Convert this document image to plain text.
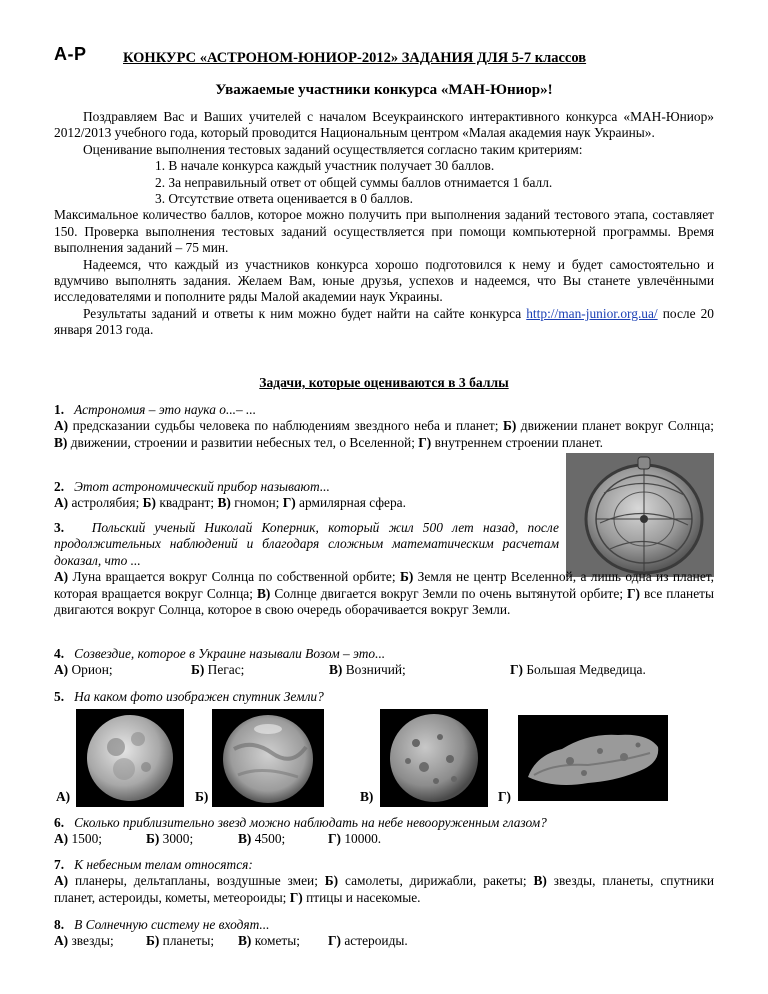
А-Р	КОНКУРС «АСТРОНОМ-ЮНИОР-2012» ЗАДАНИЯ ДЛЯ 5-7 классов
Уважаемые участники конкурса «МАН-Юниор»!
Поздравляем Вас и Ваших учителей с началом Всеукраинского интерактивного конкурса «МАН-Юниор» 2012/2013 учебного года, который проводится Национальным центром «Малая академия наук Украины».
Оценивание выполнения тестовых заданий осуществляется согласно таким критериям:
1. В начале конкурса каждый участник получает 30 баллов.
2. За неправильный ответ от общей суммы баллов отнимается 1 балл.
3. Отсутствие ответа оценивается в 0 баллов.
Максимальное количество баллов, которое можно получить при выполнения заданий тестового этапа, составляет 150. Проверка выполнения тестовых заданий осуществляется при помощи компьютерной программы. Время выполнения заданий – 75 мин.
Надеемся, что каждый из участников конкурса хорошо подготовился к нему и будет самостоятельно и вдумчиво выполнять задания. Желаем Вам, юные друзья, успехов и надеемся, что Вы станете увлечёнными исследователями и пополните ряды Малой академии наук Украины.
Результаты заданий и ответы к ним можно будет найти на сайте конкурса http://man-junior.org.ua/ после 20 января 2013 года.
Задачи, которые оцениваются в 3 баллы
1. Астрономия – это наука о...– ...
А) предсказании судьбы человека по наблюдениям звездного неба и планет; Б) движении планет вокруг Солнца; В) движении, строении и развитии небесных тел, о Вселенной; Г) внутреннем строении планет.
2. Этот астрономический прибор называют...
А) астролябия; Б) квадрант; В) гномон; Г) армилярная сфера.
3. Польский ученый Николай Коперник, который жил 500 лет назад, после продолжительных наблюдений и благодаря сложным математическим расчетам доказал, что ...
А) Луна вращается вокруг Солнца по собственной орбите; Б) Земля не центр Вселенной, а лишь одна из планет, которая вращается вокруг Солнца; В) Солнце двигается вокруг Земли по очень вытянутой орбите; Г) все планеты двигаются вокруг Солнца, которое в свою очередь оборачивается вокруг Земли.
4. Созвездие, которое в Украине называли Возом – это...
А) Орион;	Б) Пегас;	В) Возничий;	Г) Большая Медведица.
5. На каком фото изображен спутник Земли?
А)	Б)	В)	Г)
6. Сколько приблизительно звезд можно наблюдать на небе невооруженным глазом?
А) 1500;	Б) 3000;	В) 4500;	Г) 10000.
7. К небесным телам относятся:
А) планеры, дельтапланы, воздушные змеи; Б) самолеты, дирижабли, ракеты; В) звезды, планеты, спутники планет, астероиды, кометы, метеороиды; Г) птицы и насекомые.
8. В Солнечную систему не входят...
А) звезды; Б) планеты; В) кометы; Г) астероиды.
